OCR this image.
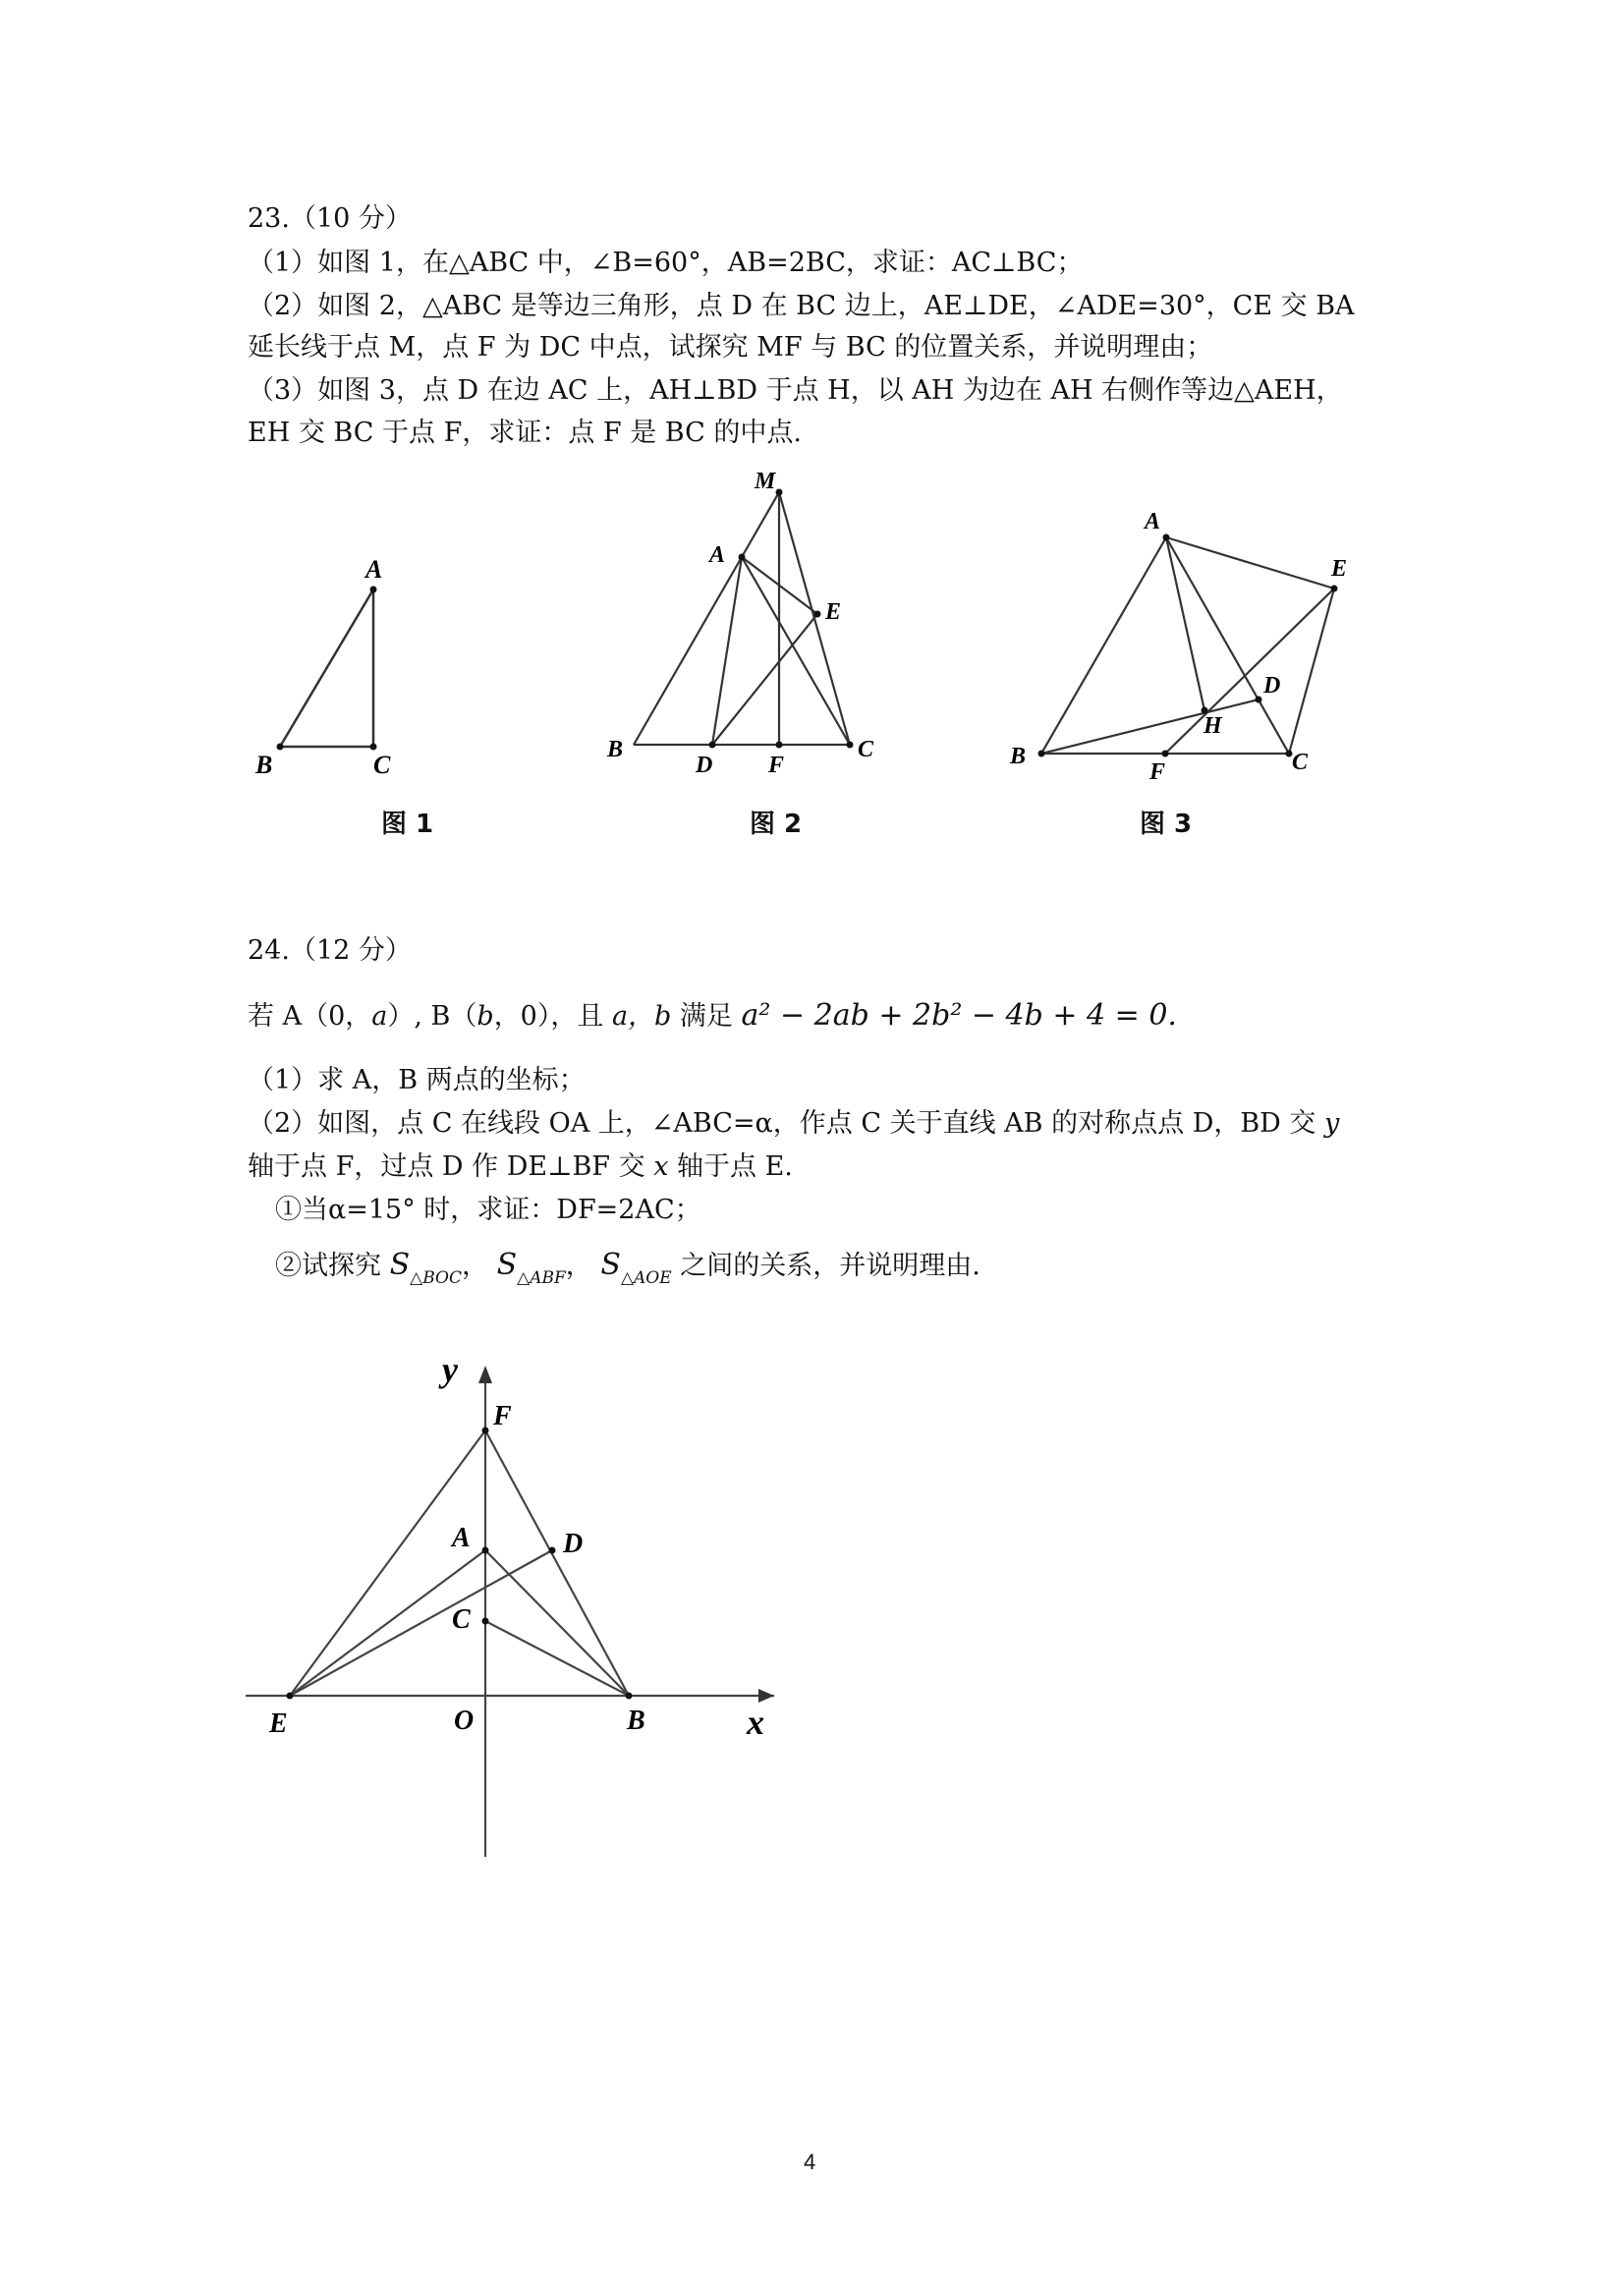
23.（10 分）
（1）如图 1，在△ABC 中，∠B=60°，AB=2BC，求证：AC⊥BC；
（2）如图 2，△ABC 是等边三角形，点 D 在 BC 边上，AE⊥DE，∠ADE=30°，CE 交 BA
延长线于点 M，点 F 为 DC 中点，试探究 MF 与 BC 的位置关系，并说明理由；
（3）如图 3，点 D 在边 AC 上，AH⊥BD 于点 H，以 AH 为边在 AH 右侧作等边△AEH，
EH 交 BC 于点 F，求证：点 F 是 BC 的中点.
A
B	C
图 1
M
A
E
B
D F
C
图 2
A
E
D
H
B
F	C
图 3
24.（12 分）
若 A（0，a）, B（b，0），且 a，b 满足 a² − 2ab + 2b² − 4b + 4 = 0.
（1）求 A，B 两点的坐标；
（2）如图，点 C 在线段 OA 上，∠ABC=α，作点 C 关于直线 AB 的对称点点 D，BD 交 y
轴于点 F，过点 D 作 DE⊥BF 交 x 轴于点 E.
①当α=15° 时，求证：DF=2AC；
②试探究 $S_{\triangle BOC}$， $S_{\triangle ABF}$， $S_{\triangle AOE}$ 之间的关系，并说明理由.
y
F
A	D
C
E	O	B	x
4
